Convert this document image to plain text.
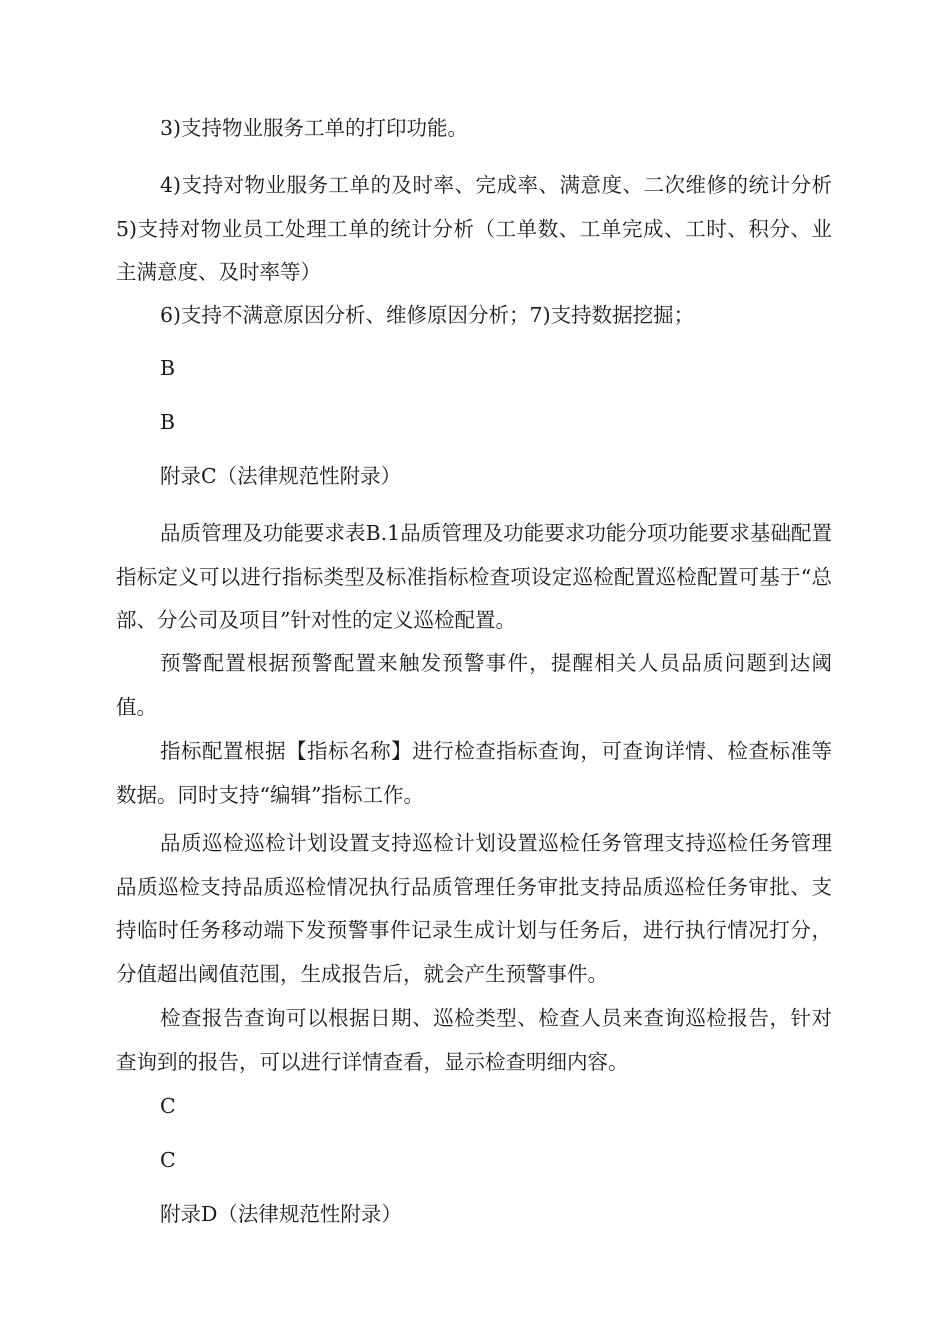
3)支持物业服务工单的打印功能。

4)支持对物业服务工单的及时率、完成率、满意度、二次维修的统计分析 5)支持对物业员工处理工单的统计分析（工单数、工单完成、工时、积分、业主满意度、及时率等）

6)支持不满意原因分析、维修原因分析；7)支持数据挖掘；

B

B

附录C（法律规范性附录）

品质管理及功能要求表B.1品质管理及功能要求功能分项功能要求基础配置指标定义可以进行指标类型及标准指标检查项设定巡检配置巡检配置可基于“总部、分公司及项目”针对性的定义巡检配置。

预警配置根据预警配置来触发预警事件，提醒相关人员品质问题到达阈值。

指标配置根据【指标名称】进行检查指标查询，可查询详情、检查标准等数据。同时支持“编辑”指标工作。

品质巡检巡检计划设置支持巡检计划设置巡检任务管理支持巡检任务管理品质巡检支持品质巡检情况执行品质管理任务审批支持品质巡检任务审批、支持临时任务移动端下发预警事件记录生成计划与任务后，进行执行情况打分，分值超出阈值范围，生成报告后，就会产生预警事件。

检查报告查询可以根据日期、巡检类型、检查人员来查询巡检报告，针对查询到的报告，可以进行详情查看，显示检查明细内容。

C

C

附录D（法律规范性附录）
